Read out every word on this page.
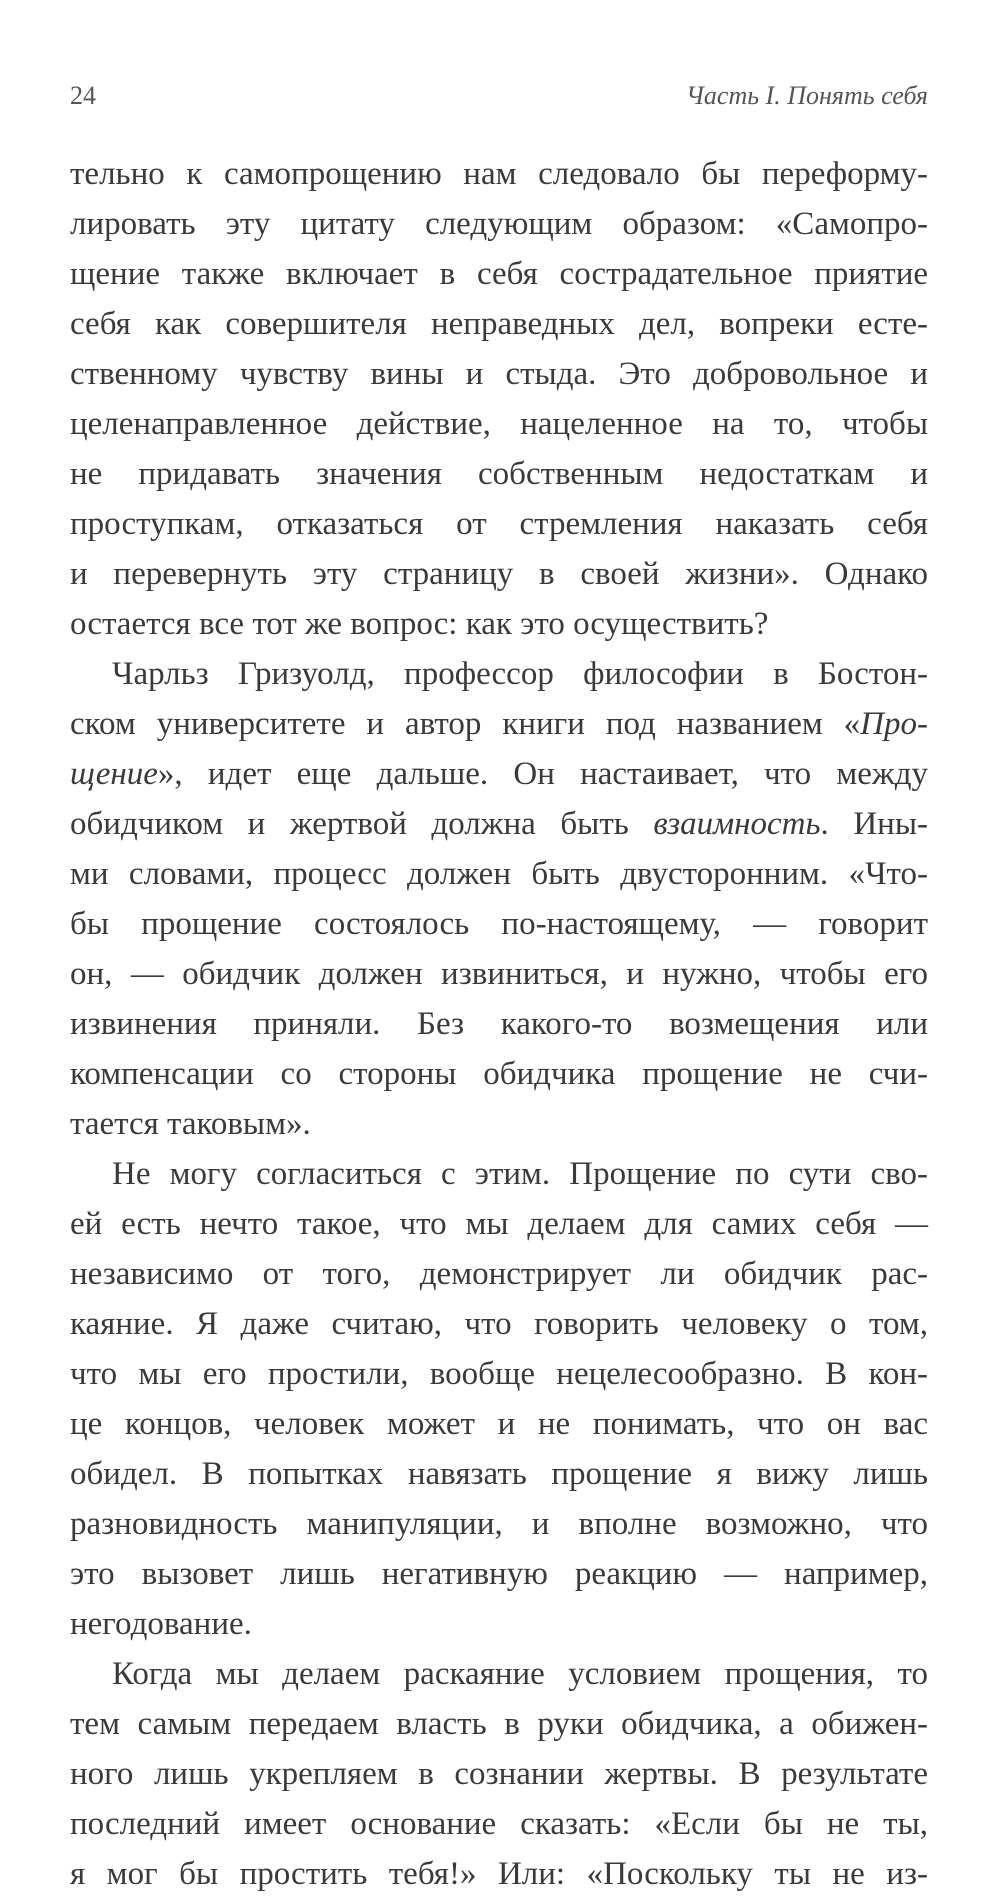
24	Часть I. Понять себя
тельно к самопрощению нам следовало бы переформу-
лировать эту цитату следующим образом: «Самопро-
щение также включает в себя сострадательное приятие
себя как совершителя неправедных дел, вопреки есте-
ственному чувству вины и стыда. Это добровольное и
целенаправленное действие, нацеленное на то, чтобы
не придавать значения собственным недостаткам и
проступкам, отказаться от стремления наказать себя
и перевернуть эту страницу в своей жизни». Однако
остается все тот же вопрос: как это осуществить?
Чарльз Гризуолд, профессор философии в Бостон-
ском университете и автор книги под названием «Про-
щение», идет еще дальше. Он настаивает, что между
обидчиком и жертвой должна быть взаимность. Ины-
ми словами, процесс должен быть двусторонним. «Что-
бы прощение состоялось по-настоящему, — говорит
он, — обидчик должен извиниться, и нужно, чтобы его
извинения приняли. Без какого-то возмещения или
компенсации со стороны обидчика прощение не счи-
тается таковым».
Не могу согласиться с этим. Прощение по сути сво-
ей есть нечто такое, что мы делаем для самих себя —
независимо от того, демонстрирует ли обидчик рас-
каяние. Я даже считаю, что говорить человеку о том,
что мы его простили, вообще нецелесообразно. В кон-
це концов, человек может и не понимать, что он вас
обидел. В попытках навязать прощение я вижу лишь
разновидность манипуляции, и вполне возможно, что
это вызовет лишь негативную реакцию — например,
негодование.
Когда мы делаем раскаяние условием прощения, то
тем самым передаем власть в руки обидчика, а обижен-
ного лишь укрепляем в сознании жертвы. В результате
последний имеет основание сказать: «Если бы не ты,
я мог бы простить тебя!» Или: «Поскольку ты не из-
